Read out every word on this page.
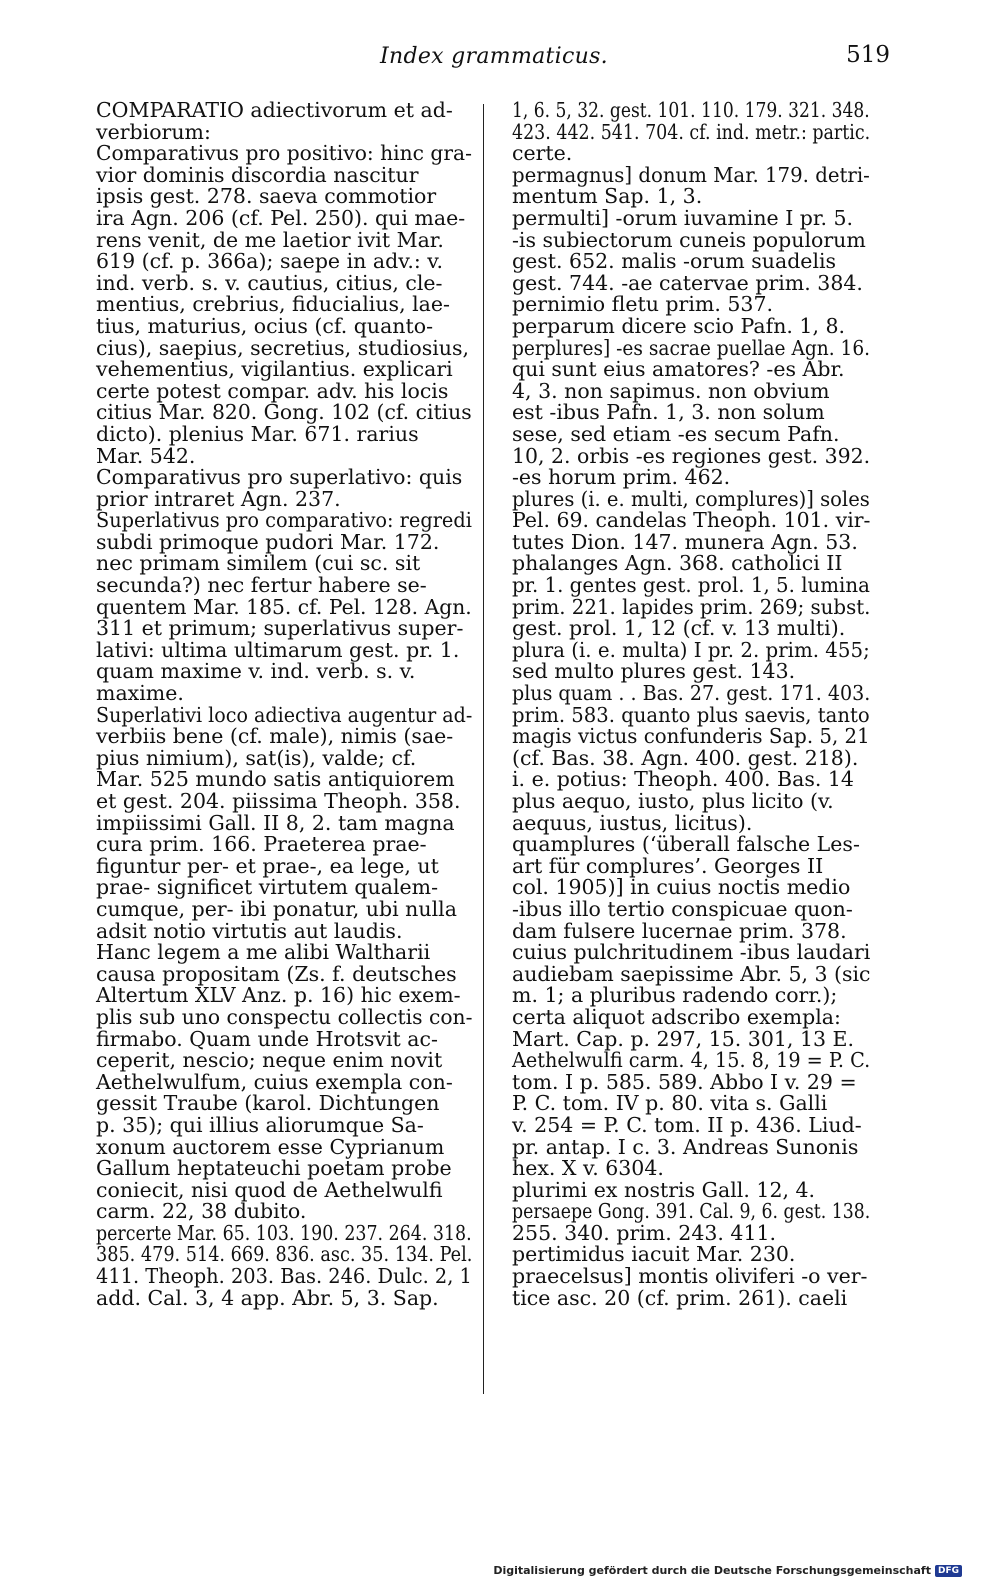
Index grammaticus.	519
COMPARATIO adiectivorum et ad-
verbiorum:
Comparativus pro positivo: hinc gra-
vior dominis discordia nascitur
ipsis gest. 278. saeva commotior
ira Agn. 206 (cf. Pel. 250). qui mae-
rens venit, de me laetior ivit Mar.
619 (cf. p. 366a); saepe in adv.: v.
ind. verb. s. v. cautius, citius, cle-
mentius, crebrius, fiducialius, lae-
tius, maturius, ocius (cf. quanto-
cius), saepius, secretius, studiosius,
vehementius, vigilantius. explicari
certe potest compar. adv. his locis
citius Mar. 820. Gong. 102 (cf. citius
dicto). plenius Mar. 671. rarius
Mar. 542.
Comparativus pro superlativo: quis
prior intraret Agn. 237.
Superlativus pro comparativo: regredi
subdi primoque pudori Mar. 172.
nec primam similem (cui sc. sit
secunda?) nec fertur habere se-
quentem Mar. 185. cf. Pel. 128. Agn.
311 et primum; superlativus super-
lativi: ultima ultimarum gest. pr. 1.
quam maxime v. ind. verb. s. v.
maxime.
Superlativi loco adiectiva augentur ad-
verbiis bene (cf. male), nimis (sae-
pius nimium), sat(is), valde; cf.
Mar. 525 mundo satis antiquiorem
et gest. 204. piissima Theoph. 358.
impiissimi Gall. II 8, 2. tam magna
cura prim. 166. Praeterea prae-
figuntur per- et prae-, ea lege, ut
prae- significet virtutem qualem-
cumque, per- ibi ponatur, ubi nulla
adsit notio virtutis aut laudis.
Hanc legem a me alibi Waltharii
causa propositam (Zs. f. deutsches
Altertum XLV Anz. p. 16) hic exem-
plis sub uno conspectu collectis con-
firmabo. Quam unde Hrotsvit ac-
ceperit, nescio; neque enim novit
Aethelwulfum, cuius exempla con-
gessit Traube (karol. Dichtungen
p. 35); qui illius aliorumque Sa-
xonum auctorem esse Cyprianum
Gallum heptateuchi poetam probe
coniecit, nisi quod de Aethelwulfi
carm. 22, 38 dubito.
percerte Mar. 65. 103. 190. 237. 264. 318.
385. 479. 514. 669. 836. asc. 35. 134. Pel.
411. Theoph. 203. Bas. 246. Dulc. 2, 1
add. Cal. 3, 4 app. Abr. 5, 3. Sap.
1, 6. 5, 32. gest. 101. 110. 179. 321. 348.
423. 442. 541. 704. cf. ind. metr.: partic.
certe.
permagnus] donum Mar. 179. detri-
mentum Sap. 1, 3.
permulti] -orum iuvamine I pr. 5.
-is subiectorum cuneis populorum
gest. 652. malis -orum suadelis
gest. 744. -ae catervae prim. 384.
pernimio fletu prim. 537.
perparum dicere scio Pafn. 1, 8.
perplures] -es sacrae puellae Agn. 16.
qui sunt eius amatores? -es Abr.
4, 3. non sapimus. non obvium
est -ibus Pafn. 1, 3. non solum
sese, sed etiam -es secum Pafn.
10, 2. orbis -es regiones gest. 392.
-es horum prim. 462.
plures (i. e. multi, complures)] soles
Pel. 69. candelas Theoph. 101. vir-
tutes Dion. 147. munera Agn. 53.
phalanges Agn. 368. catholici II
pr. 1. gentes gest. prol. 1, 5. lumina
prim. 221. lapides prim. 269; subst.
gest. prol. 1, 12 (cf. v. 13 multi).
plura (i. e. multa) I pr. 2. prim. 455;
sed multo plures gest. 143.
plus quam . . Bas. 27. gest. 171. 403.
prim. 583. quanto plus saevis, tanto
magis victus confunderis Sap. 5, 21
(cf. Bas. 38. Agn. 400. gest. 218).
i. e. potius: Theoph. 400. Bas. 14
plus aequo, iusto, plus licito (v.
aequus, iustus, licitus).
quamplures (‘überall falsche Les-
art für complures’. Georges II
col. 1905)] in cuius noctis medio
-ibus illo tertio conspicuae quon-
dam fulsere lucernae prim. 378.
cuius pulchritudinem -ibus laudari
audiebam saepissime Abr. 5, 3 (sic
m. 1; a pluribus radendo corr.);
certa aliquot adscribo exempla:
Mart. Cap. p. 297, 15. 301, 13 E.
Aethelwulfi carm. 4, 15. 8, 19 = P. C.
tom. I p. 585. 589. Abbo I v. 29 =
P. C. tom. IV p. 80. vita s. Galli
v. 254 = P. C. tom. II p. 436. Liud-
pr. antap. I c. 3. Andreas Sunonis
hex. X v. 6304.
plurimi ex nostris Gall. 12, 4.
persaepe Gong. 391. Cal. 9, 6. gest. 138.
255. 340. prim. 243. 411.
pertimidus iacuit Mar. 230.
praecelsus] montis oliviferi -o ver-
tice asc. 20 (cf. prim. 261). caeli
Digitalisierung gefördert durch die Deutsche Forschungsgemeinschaft DFG
